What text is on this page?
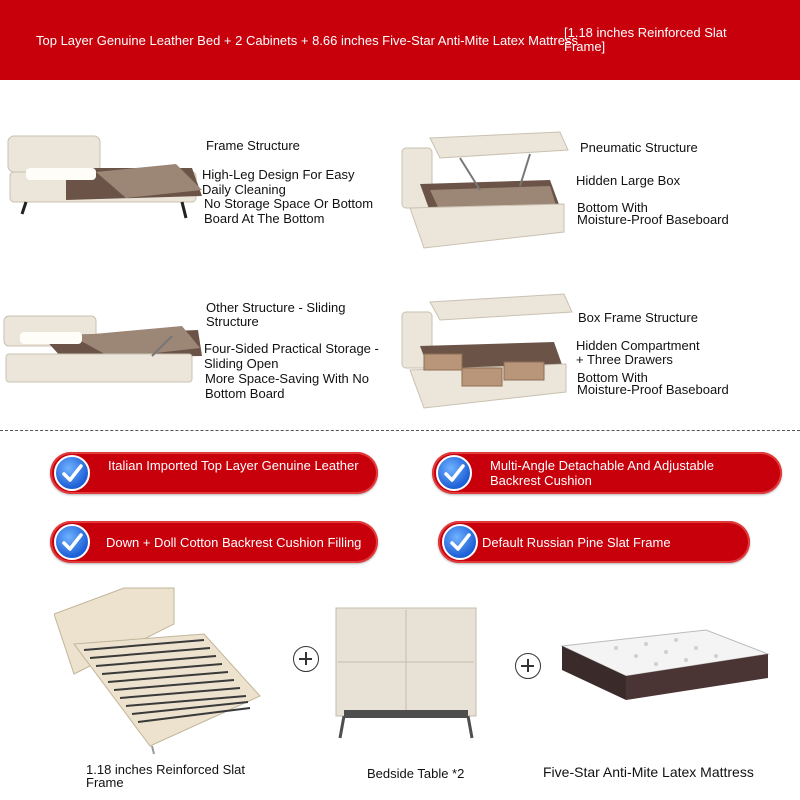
Top Layer Genuine Leather Bed + 2 Cabinets + 8.66 inches Five-Star Anti-Mite Latex Mattress
[1.18 inches Reinforced Slat Frame]
Frame Structure
High-Leg Design For Easy
Daily Cleaning
No Storage Space Or Bottom
Board At The Bottom
Pneumatic Structure
Hidden Large Box
Bottom With
Moisture-Proof Baseboard
Other Structure - Sliding Structure
Four-Sided Practical Storage -
Sliding Open
More Space-Saving With No
Bottom Board
Box Frame Structure
Hidden Compartment
+ Three Drawers
Bottom With
Moisture-Proof Baseboard
Italian Imported Top Layer Genuine Leather	Multi-Angle Detachable And Adjustable Backrest Cushion
Down + Doll Cotton Backrest Cushion Filling	Default Russian Pine Slat Frame
1.18 inches Reinforced Slat Frame
Bedside Table *2	Five-Star Anti-Mite Latex Mattress
